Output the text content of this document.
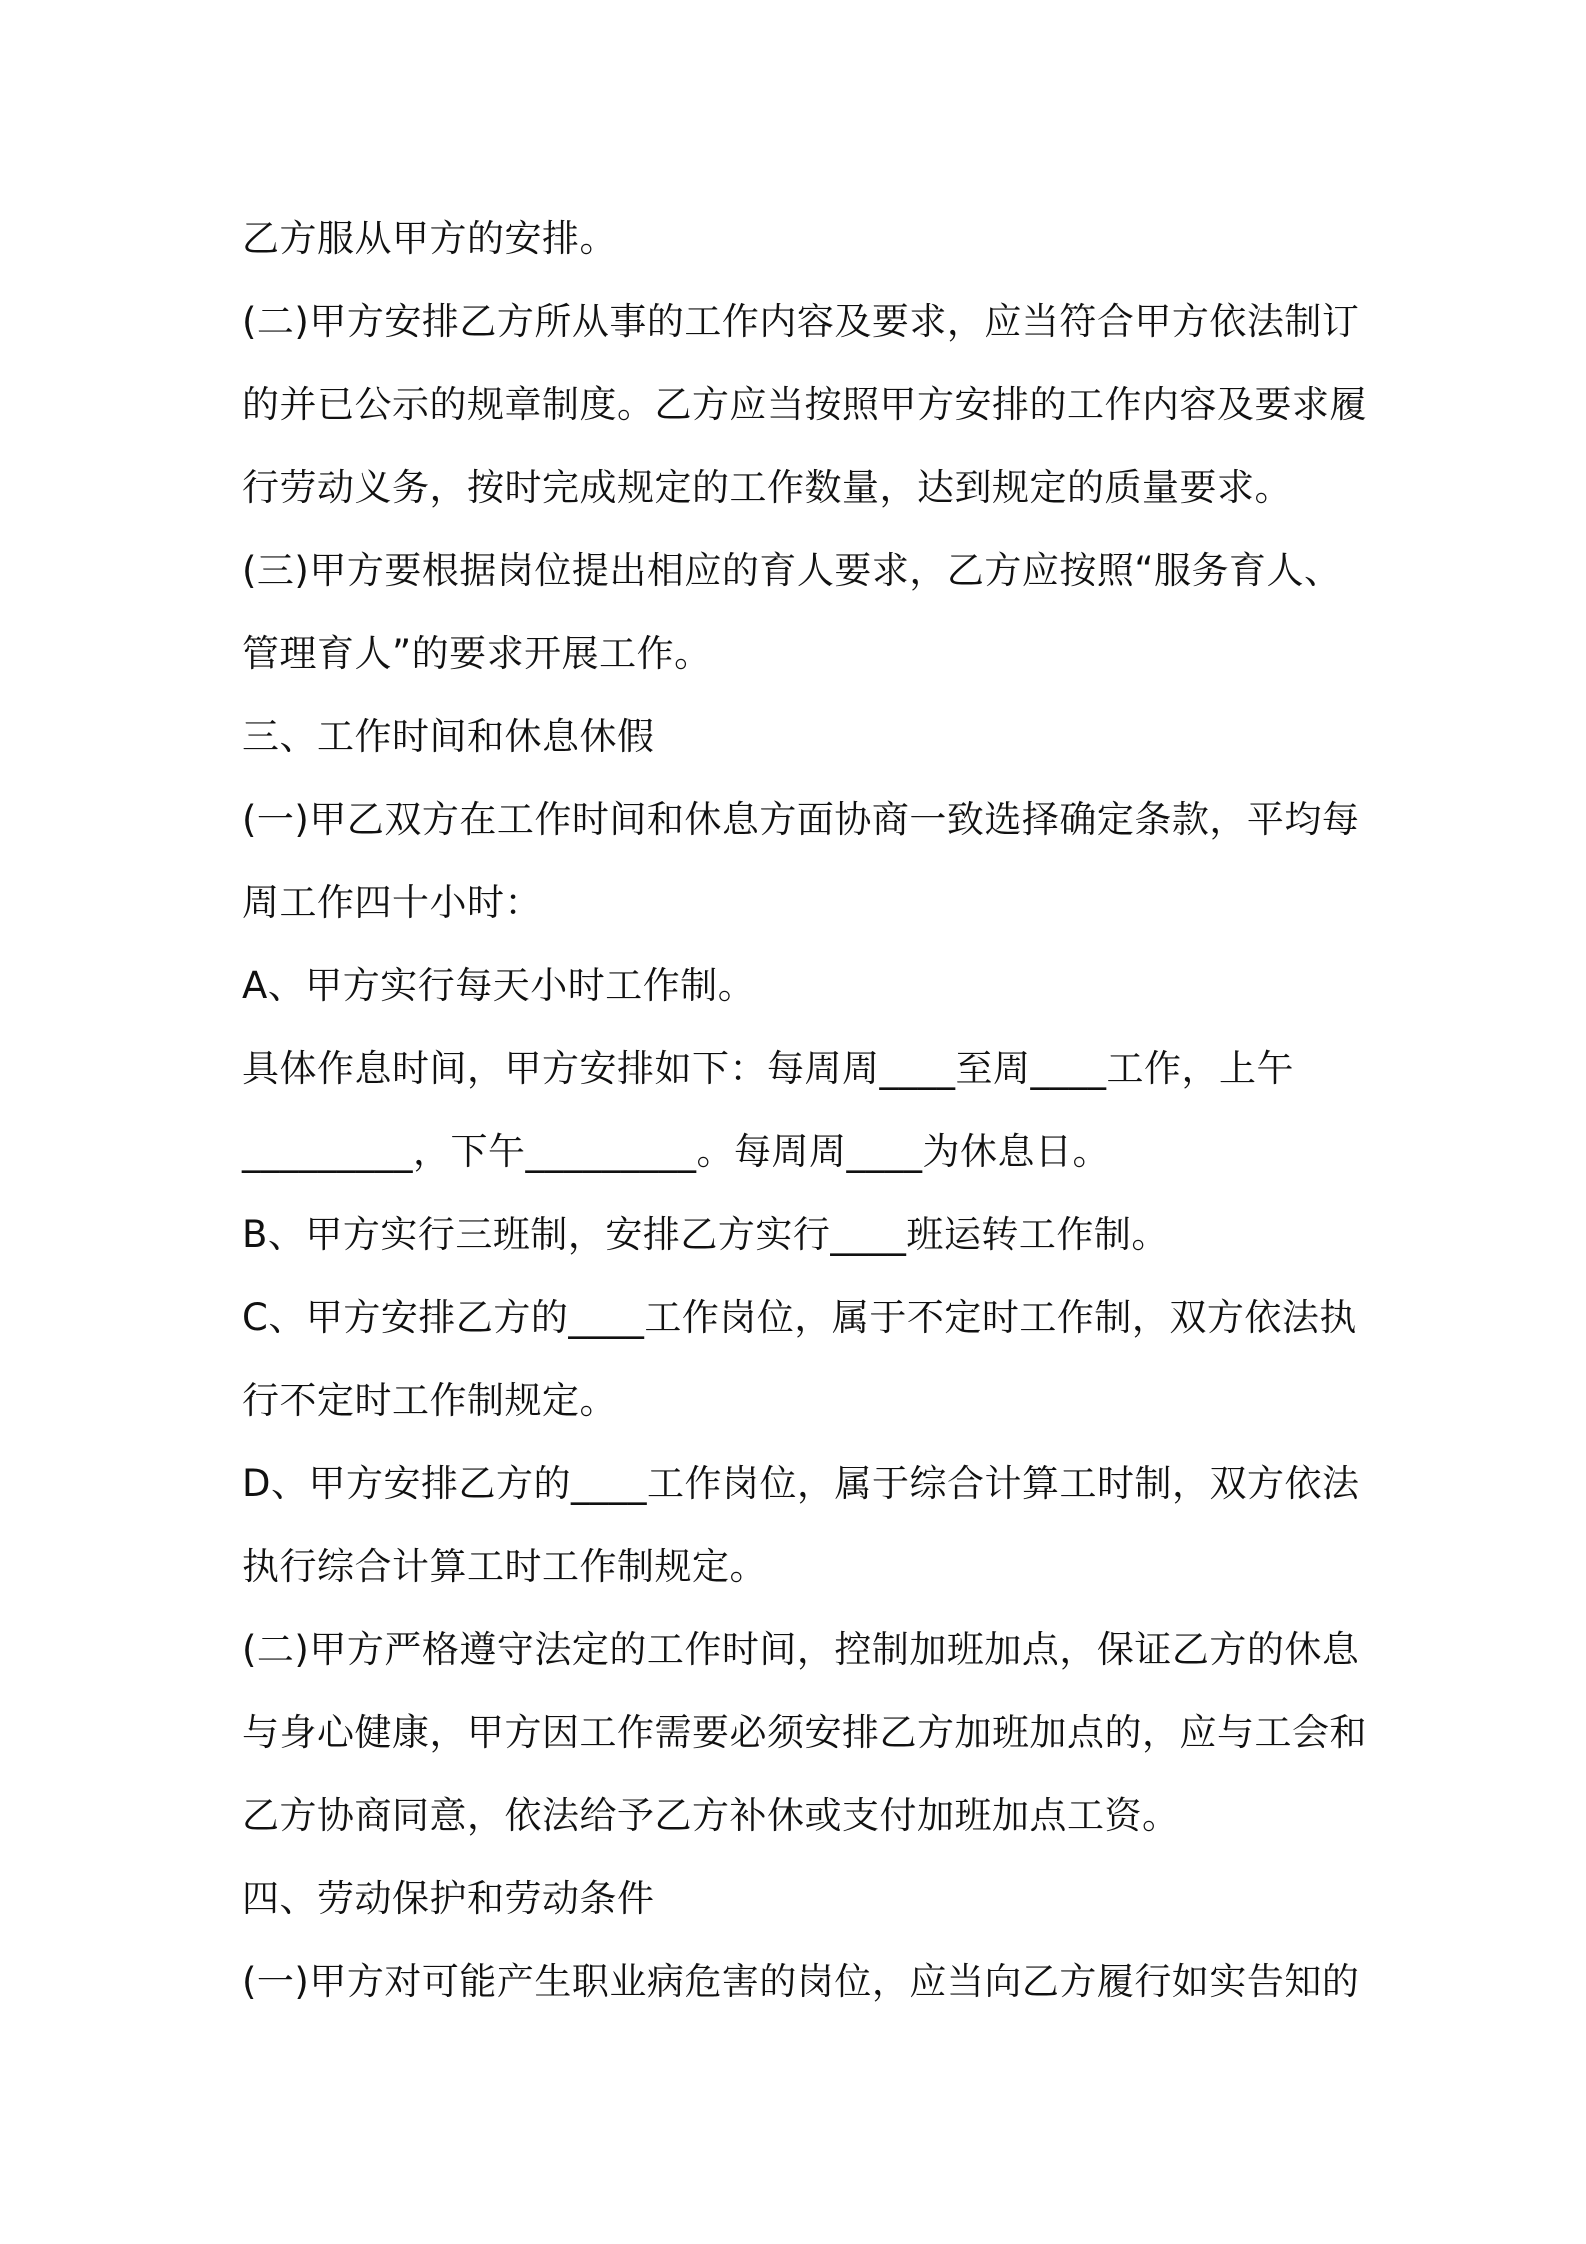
乙方服从甲方的安排。

(二)甲方安排乙方所从事的工作内容及要求，应当符合甲方依法制订

的并已公示的规章制度。乙方应当按照甲方安排的工作内容及要求履

行劳动义务，按时完成规定的工作数量，达到规定的质量要求。

(三)甲方要根据岗位提出相应的育人要求，乙方应按照“服务育人、

管理育人”的要求开展工作。

三、工作时间和休息休假

(一)甲乙双方在工作时间和休息方面协商一致选择确定条款，平均每

周工作四十小时：

A、甲方实行每天小时工作制。

具体作息时间，甲方安排如下：每周周____至周____工作，上午

_________，下午_________。每周周____为休息日。

B、甲方实行三班制，安排乙方实行____班运转工作制。

C、甲方安排乙方的____工作岗位，属于不定时工作制，双方依法执

行不定时工作制规定。

D、甲方安排乙方的____工作岗位，属于综合计算工时制，双方依法

执行综合计算工时工作制规定。

(二)甲方严格遵守法定的工作时间，控制加班加点，保证乙方的休息

与身心健康，甲方因工作需要必须安排乙方加班加点的，应与工会和

乙方协商同意，依法给予乙方补休或支付加班加点工资。

四、劳动保护和劳动条件

(一)甲方对可能产生职业病危害的岗位，应当向乙方履行如实告知的
